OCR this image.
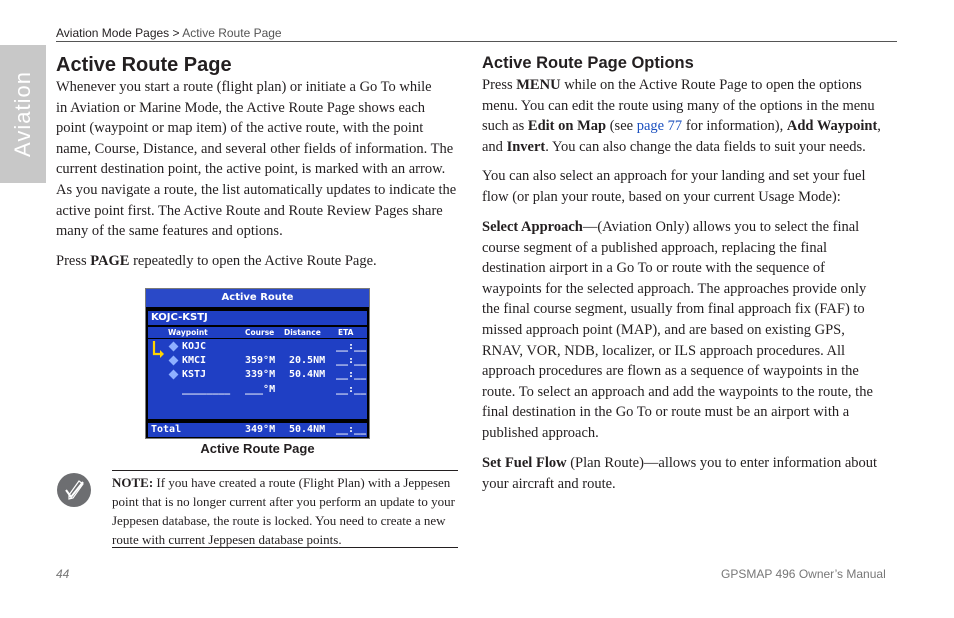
Aviation Mode Pages > Active Route Page
Aviation
Active Route Page
Whenever you start a route (flight plan) or initiate a Go To while
in Aviation or Marine Mode, the Active Route Page shows each
point (waypoint or map item) of the active route, with the point
name, Course, Distance, and several other fields of information. The
current destination point, the active point, is marked with an arrow.
As you navigate a route, the list automatically updates to indicate the
active point first. The Active Route and Route Review Pages share
many of the same features and options.
Press PAGE repeatedly to open the Active Route Page.
Active Route
KOJC-KSTJ
Waypoint	Course Distance ETA
KOJC	__:__
KMCI	359°M 20.5NM __:__
KSTJ	339°M 50.4NM __:__
________ ___°M	__:__
Total	349°M 50.4NM __:__
Active Route Page
NOTE: If you have created a route (Flight Plan) with a Jeppesen point that is no longer current after you perform an update to your Jeppesen database, the route is locked. You need to create a new route with current Jeppesen database points.
Active Route Page Options
Press MENU while on the Active Route Page to open the options menu. You can edit the route using many of the options in the menu such as Edit on Map (see page 77 for information), Add Waypoint, and Invert. You can also change the data fields to suit your needs.
You can also select an approach for your landing and set your fuel flow (or plan your route, based on your current Usage Mode):
Select Approach—(Aviation Only) allows you to select the final course segment of a published approach, replacing the final destination airport in a Go To or route with the sequence of waypoints for the selected approach. The approaches provide only the final course segment, usually from final approach fix (FAF) to missed approach point (MAP), and are based on existing GPS, RNAV, VOR, NDB, localizer, or ILS approach procedures. All approach procedures are flown as a sequence of waypoints in the route. To select an approach and add the waypoints to the route, the final destination in the Go To or route must be an airport with a published approach.
Set Fuel Flow (Plan Route)—allows you to enter information about your aircraft and route.
44	GPSMAP 496 Owner’s Manual
